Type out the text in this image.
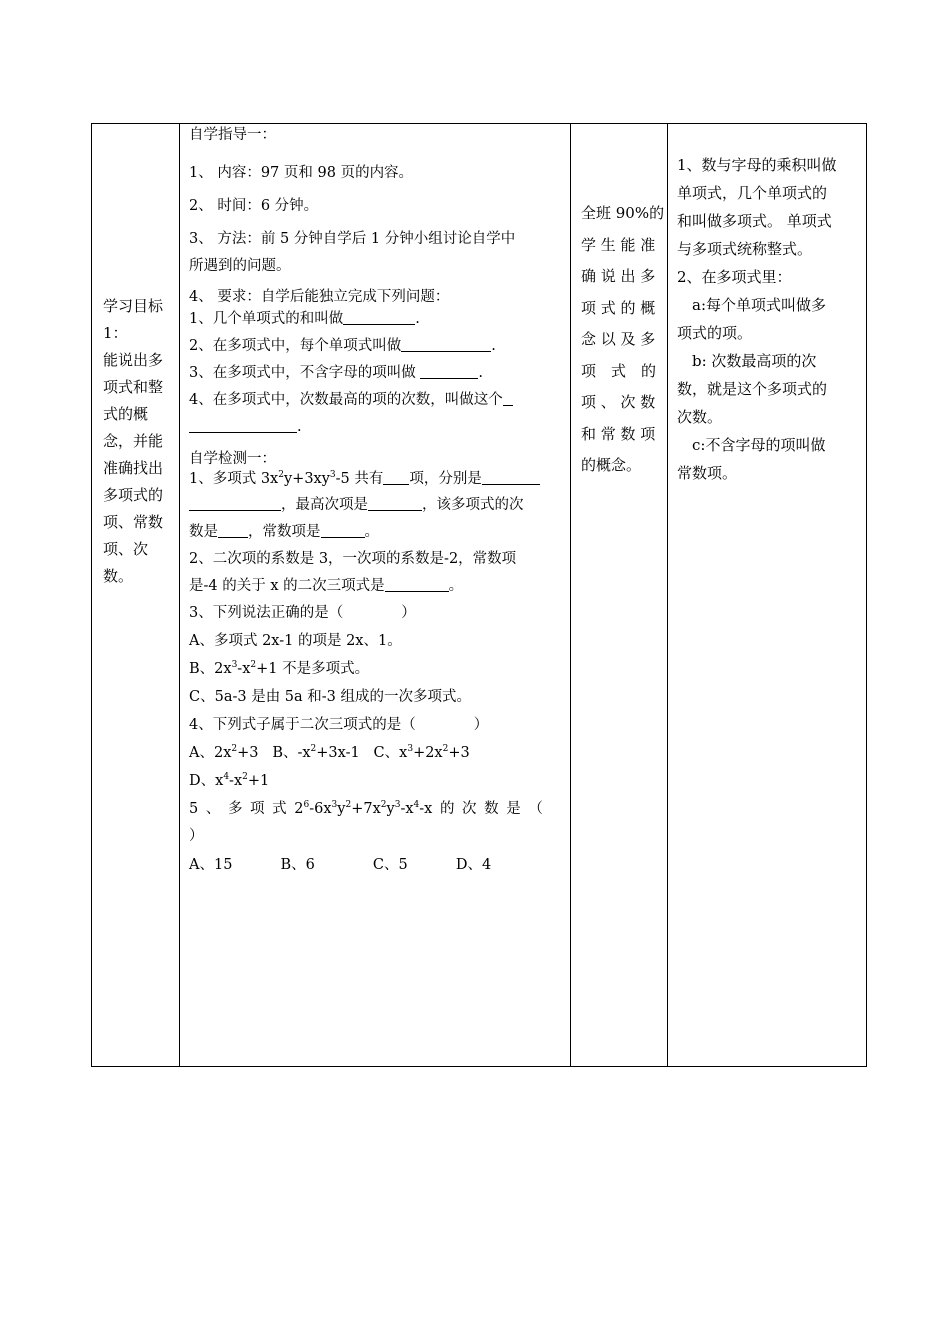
学习目标

1：

能说出多

项式和整

式的概

念，并能

准确找出

多项式的

项、常数

项、次

数。

自学指导一：

1、 内容：97 页和 98 页的内容。

2、 时间：6 分钟。

3、 方法：前 5 分钟自学后 1 分钟小组讨论自学中

所遇到的问题。

4、 要求：自学后能独立完成下列问题：

1、几个单项式的和叫做	.

2、在多项式中，每个单项式叫做	.

3、在多项式中，不含字母的项叫做	.

4、在多项式中，次数最高的项的次数，叫做这个

.

自学检测一：

1、多项式 $3x^2y+3xy^3-5$ 共有 项，分别是

，最高次项是	，该多项式的次

数是 ，常数项是	。

2、二次项的系数是 3，一次项的系数是-2，常数项

是-4 的关于 x 的二次三项式是	。

3、下列说法正确的是（　　　　）

A、多项式 2x-1 的项是 2x、1。

B、$2x^3-x^2+1$ 不是多项式。

C、5a-3 是由 5a 和-3 组成的一次多项式。

4、下列式子属于二次三项式的是（　　　　）

A、$2x^2+3$ B、$-x^2+3x-1$ C、$x^3+2x^2+3$

D、$x^4-x^2+1$

5 、 多 项 式 $2^6-6x^3y^2+7x^2y^3-x^4-x$ 的 次 数 是 （

）

A、15　　　 B、6　　　　C、5　　　 D、4

全班 90%的

学 生 能 准

确 说 出 多

项 式 的 概

念 以 及 多

项　式　的

项 、 次 数

和 常 数 项

的概念。

1、数与字母的乘积叫做

单项式，几个单项式的

和叫做多项式。 单项式

与多项式统称整式。

2、在多项式里：

　a:每个单项式叫做多

项式的项。

　b: 次数最高项的次

数，就是这个多项式的

次数。

　c:不含字母的项叫做

常数项。
